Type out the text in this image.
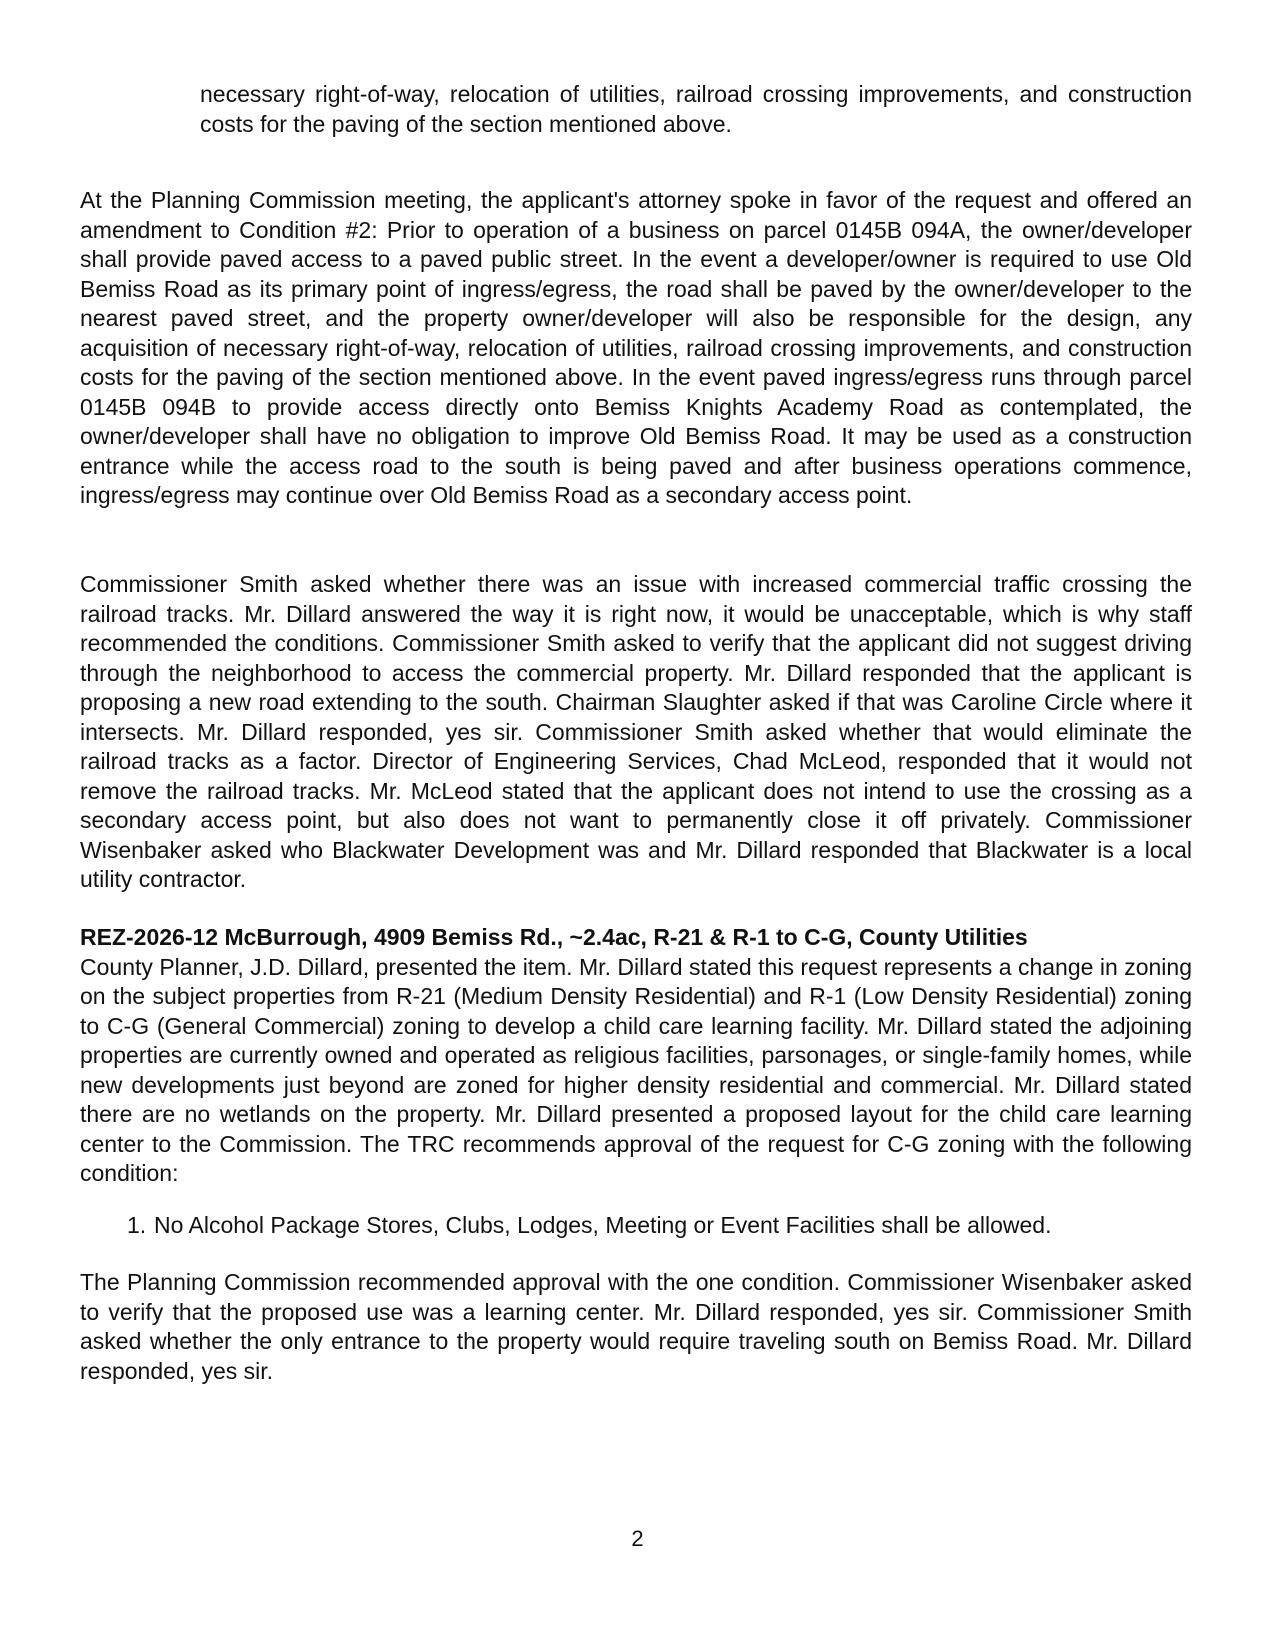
necessary right-of-way, relocation of utilities, railroad crossing improvements, and construction costs for the paving of the section mentioned above.

At the Planning Commission meeting, the applicant's attorney spoke in favor of the request and offered an amendment to Condition #2: Prior to operation of a business on parcel 0145B 094A, the owner/developer shall provide paved access to a paved public street. In the event a developer/owner is required to use Old Bemiss Road as its primary point of ingress/egress, the road shall be paved by the owner/developer to the nearest paved street, and the property owner/developer will also be responsible for the design, any acquisition of necessary right-of-way, relocation of utilities, railroad crossing improvements, and construction costs for the paving of the section mentioned above. In the event paved ingress/egress runs through parcel 0145B 094B to provide access directly onto Bemiss Knights Academy Road as contemplated, the owner/developer shall have no obligation to improve Old Bemiss Road. It may be used as a construction entrance while the access road to the south is being paved and after business operations commence, ingress/egress may continue over Old Bemiss Road as a secondary access point.

Commissioner Smith asked whether there was an issue with increased commercial traffic crossing the railroad tracks. Mr. Dillard answered the way it is right now, it would be unacceptable, which is why staff recommended the conditions. Commissioner Smith asked to verify that the applicant did not suggest driving through the neighborhood to access the commercial property. Mr. Dillard responded that the applicant is proposing a new road extending to the south. Chairman Slaughter asked if that was Caroline Circle where it intersects. Mr. Dillard responded, yes sir. Commissioner Smith asked whether that would eliminate the railroad tracks as a factor. Director of Engineering Services, Chad McLeod, responded that it would not remove the railroad tracks. Mr. McLeod stated that the applicant does not intend to use the crossing as a secondary access point, but also does not want to permanently close it off privately. Commissioner Wisenbaker asked who Blackwater Development was and Mr. Dillard responded that Blackwater is a local utility contractor.

REZ-2026-12 McBurrough, 4909 Bemiss Rd., ~2.4ac, R-21 & R-1 to C-G, County Utilities
County Planner, J.D. Dillard, presented the item. Mr. Dillard stated this request represents a change in zoning on the subject properties from R-21 (Medium Density Residential) and R-1 (Low Density Residential) zoning to C-G (General Commercial) zoning to develop a child care learning facility. Mr. Dillard stated the adjoining properties are currently owned and operated as religious facilities, parsonages, or single-family homes, while new developments just beyond are zoned for higher density residential and commercial. Mr. Dillard stated there are no wetlands on the property. Mr. Dillard presented a proposed layout for the child care learning center to the Commission. The TRC recommends approval of the request for C-G zoning with the following condition:
1. No Alcohol Package Stores, Clubs, Lodges, Meeting or Event Facilities shall be allowed.

The Planning Commission recommended approval with the one condition. Commissioner Wisenbaker asked to verify that the proposed use was a learning center. Mr. Dillard responded, yes sir. Commissioner Smith asked whether the only entrance to the property would require traveling south on Bemiss Road. Mr. Dillard responded, yes sir.

2
